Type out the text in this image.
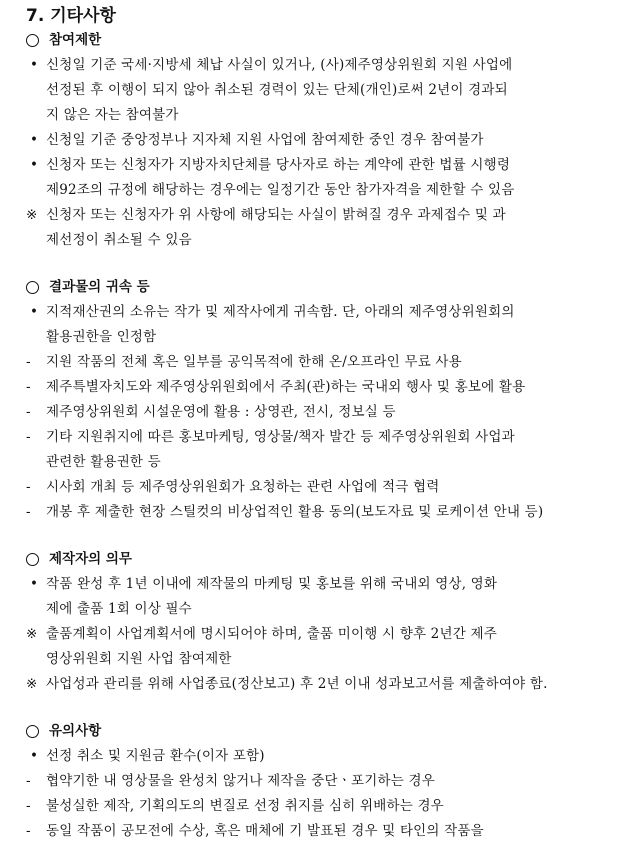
7. 기타사항
참여제한
• 신청일 기준 국세·지방세 체납 사실이 있거나, (사)제주영상위원회 지원 사업에
선정된 후 이행이 되지 않아 취소된 경력이 있는 단체(개인)로써 2년이 경과되
지 않은 자는 참여불가
• 신청일 기준 중앙정부나 지자체 지원 사업에 참여제한 중인 경우 참여불가
• 신청자 또는 신청자가 지방자치단체를 당사자로 하는 계약에 관한 법률 시행령
제92조의 규정에 해당하는 경우에는 일정기간 동안 참가자격을 제한할 수 있음
※ 신청자 또는 신청자가 위 사항에 해당되는 사실이 밝혀질 경우 과제접수 및 과
제선정이 취소될 수 있음
결과물의 귀속 등
• 지적재산권의 소유는 작가 및 제작사에게 귀속함. 단, 아래의 제주영상위원회의
활용권한을 인정함
-	지원 작품의 전체 혹은 일부를 공익목적에 한해 온/오프라인 무료 사용
-	제주특별자치도와 제주영상위원회에서 주최(관)하는 국내외 행사 및 홍보에 활용
-	제주영상위원회 시설운영에 활용 : 상영관, 전시, 정보실 등
-	기타 지원취지에 따른 홍보마케팅, 영상물/책자 발간 등 제주영상위원회 사업과
관련한 활용권한 등
-	시사회 개최 등 제주영상위원회가 요청하는 관련 사업에 적극 협력
-	개봉 후 제출한 현장 스틸컷의 비상업적인 활용 동의(보도자료 및 로케이션 안내 등)
제작자의 의무
• 작품 완성 후 1년 이내에 제작물의 마케팅 및 홍보를 위해 국내외 영상, 영화
제에 출품 1회 이상 필수
※ 출품계획이 사업계획서에 명시되어야 하며, 출품 미이행 시 향후 2년간 제주
영상위원회 지원 사업 참여제한
※ 사업성과 관리를 위해 사업종료(정산보고) 후 2년 이내 성과보고서를 제출하여야 함.
유의사항
• 선정 취소 및 지원금 환수(이자 포함)
-	협약기한 내 영상물을 완성치 않거나 제작을 중단ㆍ포기하는 경우
-	불성실한 제작, 기획의도의 변질로 선정 취지를 심히 위배하는 경우
-	동일 작품이 공모전에 수상, 혹은 매체에 기 발표된 경우 및 타인의 작품을
